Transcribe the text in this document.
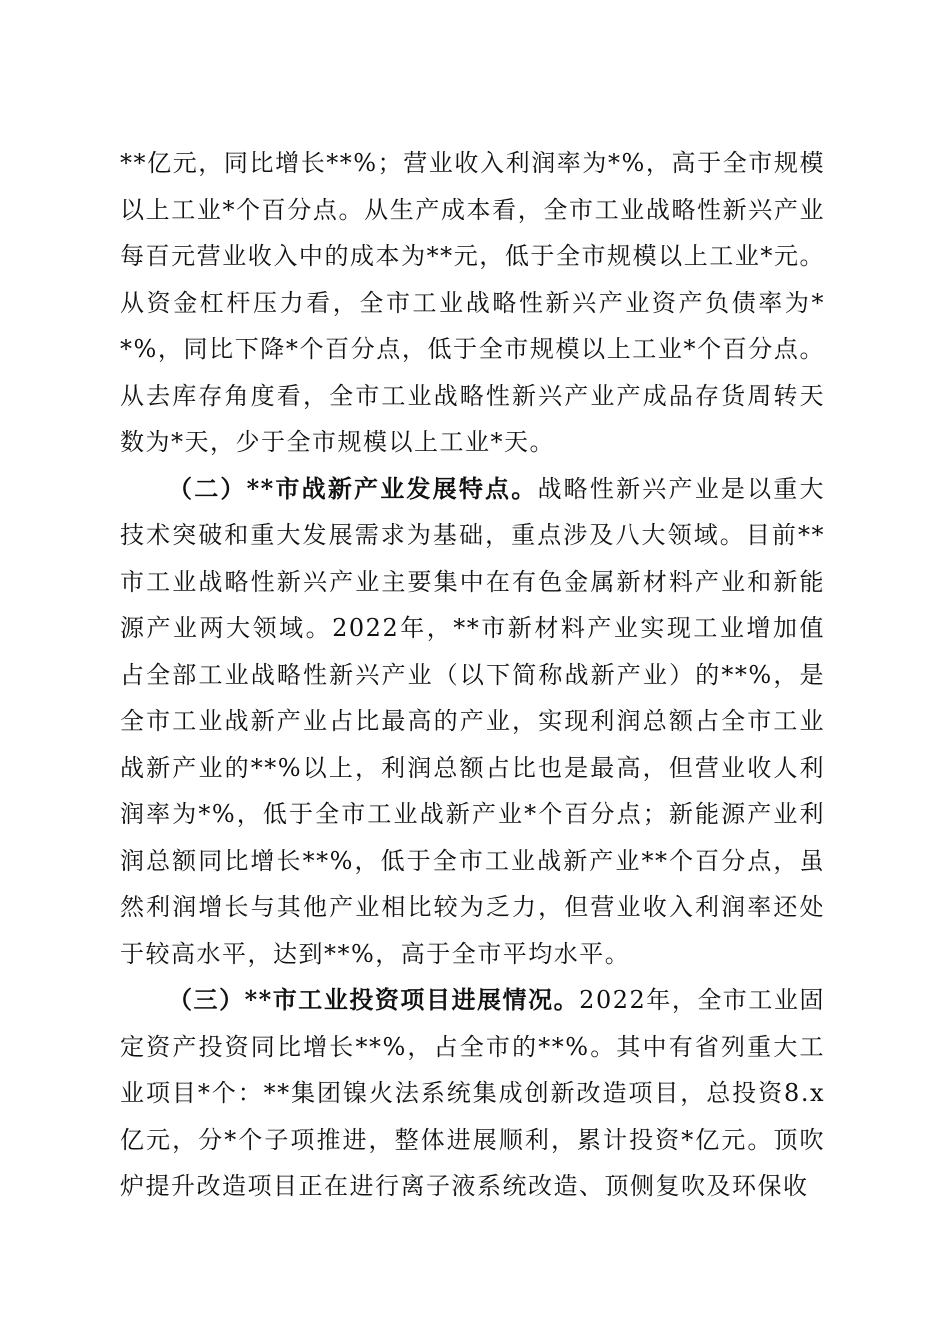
**亿元，同比增长**%；营业收入利润率为*%，高于全市规模以上工业*个百分点。从生产成本看，全市工业战略性新兴产业每百元营业收入中的成本为**元，低于全市规模以上工业*元。从资金杠杆压力看，全市工业战略性新兴产业资产负债率为**%，同比下降*个百分点，低于全市规模以上工业*个百分点。从去库存角度看，全市工业战略性新兴产业产成品存货周转天数为*天，少于全市规模以上工业*天。

（二）**市战新产业发展特点。战略性新兴产业是以重大技术突破和重大发展需求为基础，重点涉及八大领域。目前**市工业战略性新兴产业主要集中在有色金属新材料产业和新能源产业两大领域。2022年，**市新材料产业实现工业增加值占全部工业战略性新兴产业（以下简称战新产业）的**%，是全市工业战新产业占比最高的产业，实现利润总额占全市工业战新产业的**%以上，利润总额占比也是最高，但营业收人利润率为*%，低于全市工业战新产业*个百分点；新能源产业利润总额同比增长**%，低于全市工业战新产业**个百分点，虽然利润增长与其他产业相比较为乏力，但营业收入利润率还处于较高水平，达到**%，高于全市平均水平。

（三）**市工业投资项目进展情况。2022年，全市工业固定资产投资同比增长**%，占全市的**%。其中有省列重大工业项目*个：**集团镍火法系统集成创新改造项目，总投资8.x亿元，分*个子项推进，整体进展顺利，累计投资*亿元。顶吹炉提升改造项目正在进行离子液系统改造、顶侧复吹及环保收
